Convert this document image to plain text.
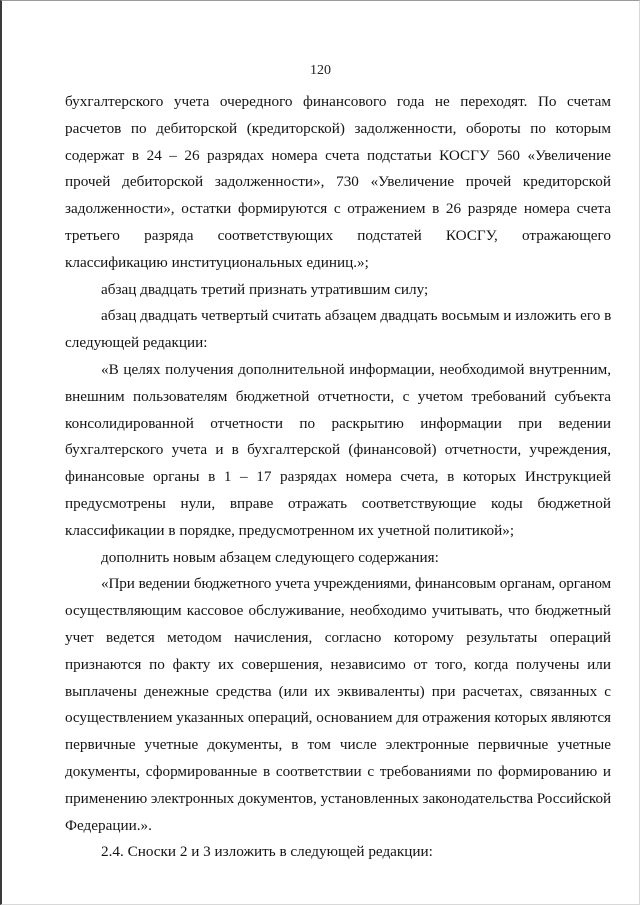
120
бухгалтерского учета очередного финансового года не переходят. По счетам
расчетов по дебиторской (кредиторской) задолженности, обороты по которым
содержат в 24 – 26 разрядах номера счета подстатьи КОСГУ 560 «Увеличение
прочей дебиторской задолженности», 730 «Увеличение прочей кредиторской
задолженности», остатки формируются с отражением в 26 разряде номера счета
третьего разряда соответствующих подстатей КОСГУ, отражающего
классификацию институциональных единиц.»;
абзац двадцать третий признать утратившим силу;
абзац двадцать четвертый считать абзацем двадцать восьмым и изложить его в
следующей редакции:
«В целях получения дополнительной информации, необходимой внутренним,
внешним пользователям бюджетной отчетности, с учетом требований субъекта
консолидированной отчетности по раскрытию информации при ведении
бухгалтерского учета и в бухгалтерской (финансовой) отчетности, учреждения,
финансовые органы в 1 – 17 разрядах номера счета, в которых Инструкцией
предусмотрены нули, вправе отражать соответствующие коды бюджетной
классификации в порядке, предусмотренном их учетной политикой»;
дополнить новым абзацем следующего содержания:
«При ведении бюджетного учета учреждениями, финансовым органам, органом
осуществляющим кассовое обслуживание, необходимо учитывать, что бюджетный
учет ведется методом начисления, согласно которому результаты операций
признаются по факту их совершения, независимо от того, когда получены или
выплачены денежные средства (или их эквиваленты) при расчетах, связанных с
осуществлением указанных операций, основанием для отражения которых являются
первичные учетные документы, в том числе электронные первичные учетные
документы, сформированные в соответствии с требованиями по формированию и
применению электронных документов, установленных законодательства Российской
Федерации.».
2.4. Сноски 2 и 3 изложить в следующей редакции:
